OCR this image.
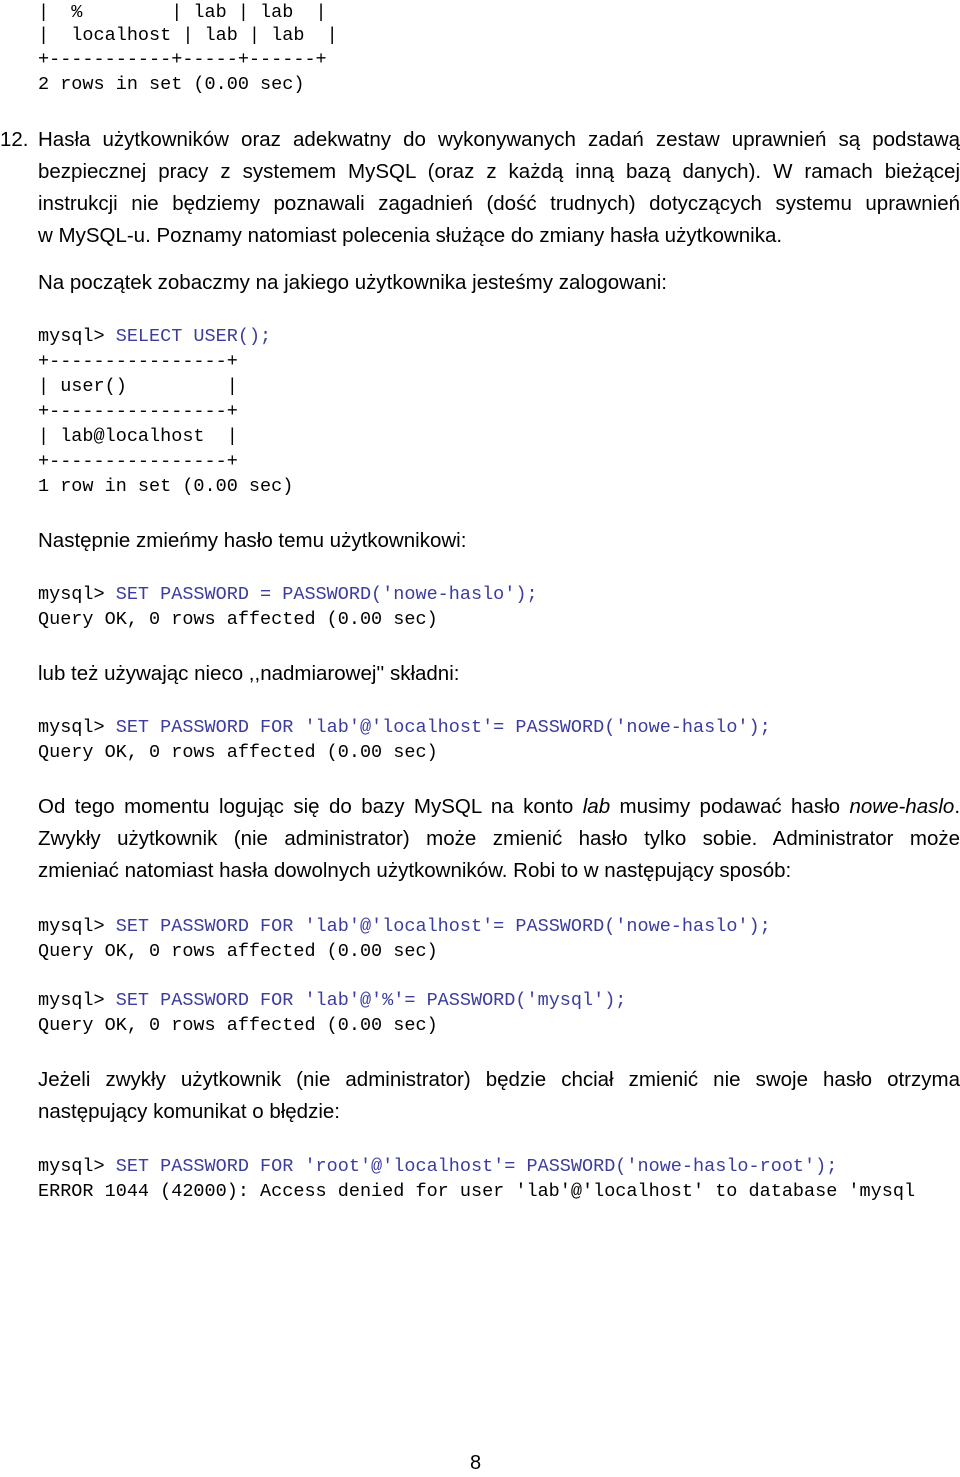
|  %        | lab | lab  |
|  localhost | lab | lab  |
+-----------+-----+------+
2 rows in set (0.00 sec)
12. Hasła użytkowników oraz adekwatny do wykonywanych zadań zestaw uprawnień są podstawą
bezpiecznej pracy z systemem MySQL (oraz z każdą inną bazą danych). W ramach bieżącej
instrukcji nie będziemy poznawali zagadnień (dość trudnych) dotyczących systemu uprawnień
w MySQL-u. Poznamy natomiast polecenia służące do zmiany hasła użytkownika.
Na początek zobaczmy na jakiego użytkownika jesteśmy zalogowani:
mysql> SELECT USER();
+----------------+
| user()         |
+----------------+
| lab@localhost  |
+----------------+
1 row in set (0.00 sec)
Następnie zmieńmy hasło temu użytkownikowi:
mysql> SET PASSWORD = PASSWORD('nowe-haslo');
Query OK, 0 rows affected (0.00 sec)
lub też używając nieco ,,nadmiarowej'' składni:
mysql> SET PASSWORD FOR 'lab'@'localhost'= PASSWORD('nowe-haslo');
Query OK, 0 rows affected (0.00 sec)
Od tego momentu logując się do bazy MySQL na konto lab musimy podawać hasło nowe-haslo.
Zwykły użytkownik (nie administrator) może zmienić hasło tylko sobie. Administrator może
zmieniać natomiast hasła dowolnych użytkowników. Robi to w następujący sposób:
mysql> SET PASSWORD FOR 'lab'@'localhost'= PASSWORD('nowe-haslo');
Query OK, 0 rows affected (0.00 sec)
mysql> SET PASSWORD FOR 'lab'@'%'= PASSWORD('mysql');
Query OK, 0 rows affected (0.00 sec)
Jeżeli zwykły użytkownik (nie administrator) będzie chciał zmienić nie swoje hasło otrzyma
następujący komunikat o błędzie:
mysql> SET PASSWORD FOR 'root'@'localhost'= PASSWORD('nowe-haslo-root');
ERROR 1044 (42000): Access denied for user 'lab'@'localhost' to database 'mysql
8
